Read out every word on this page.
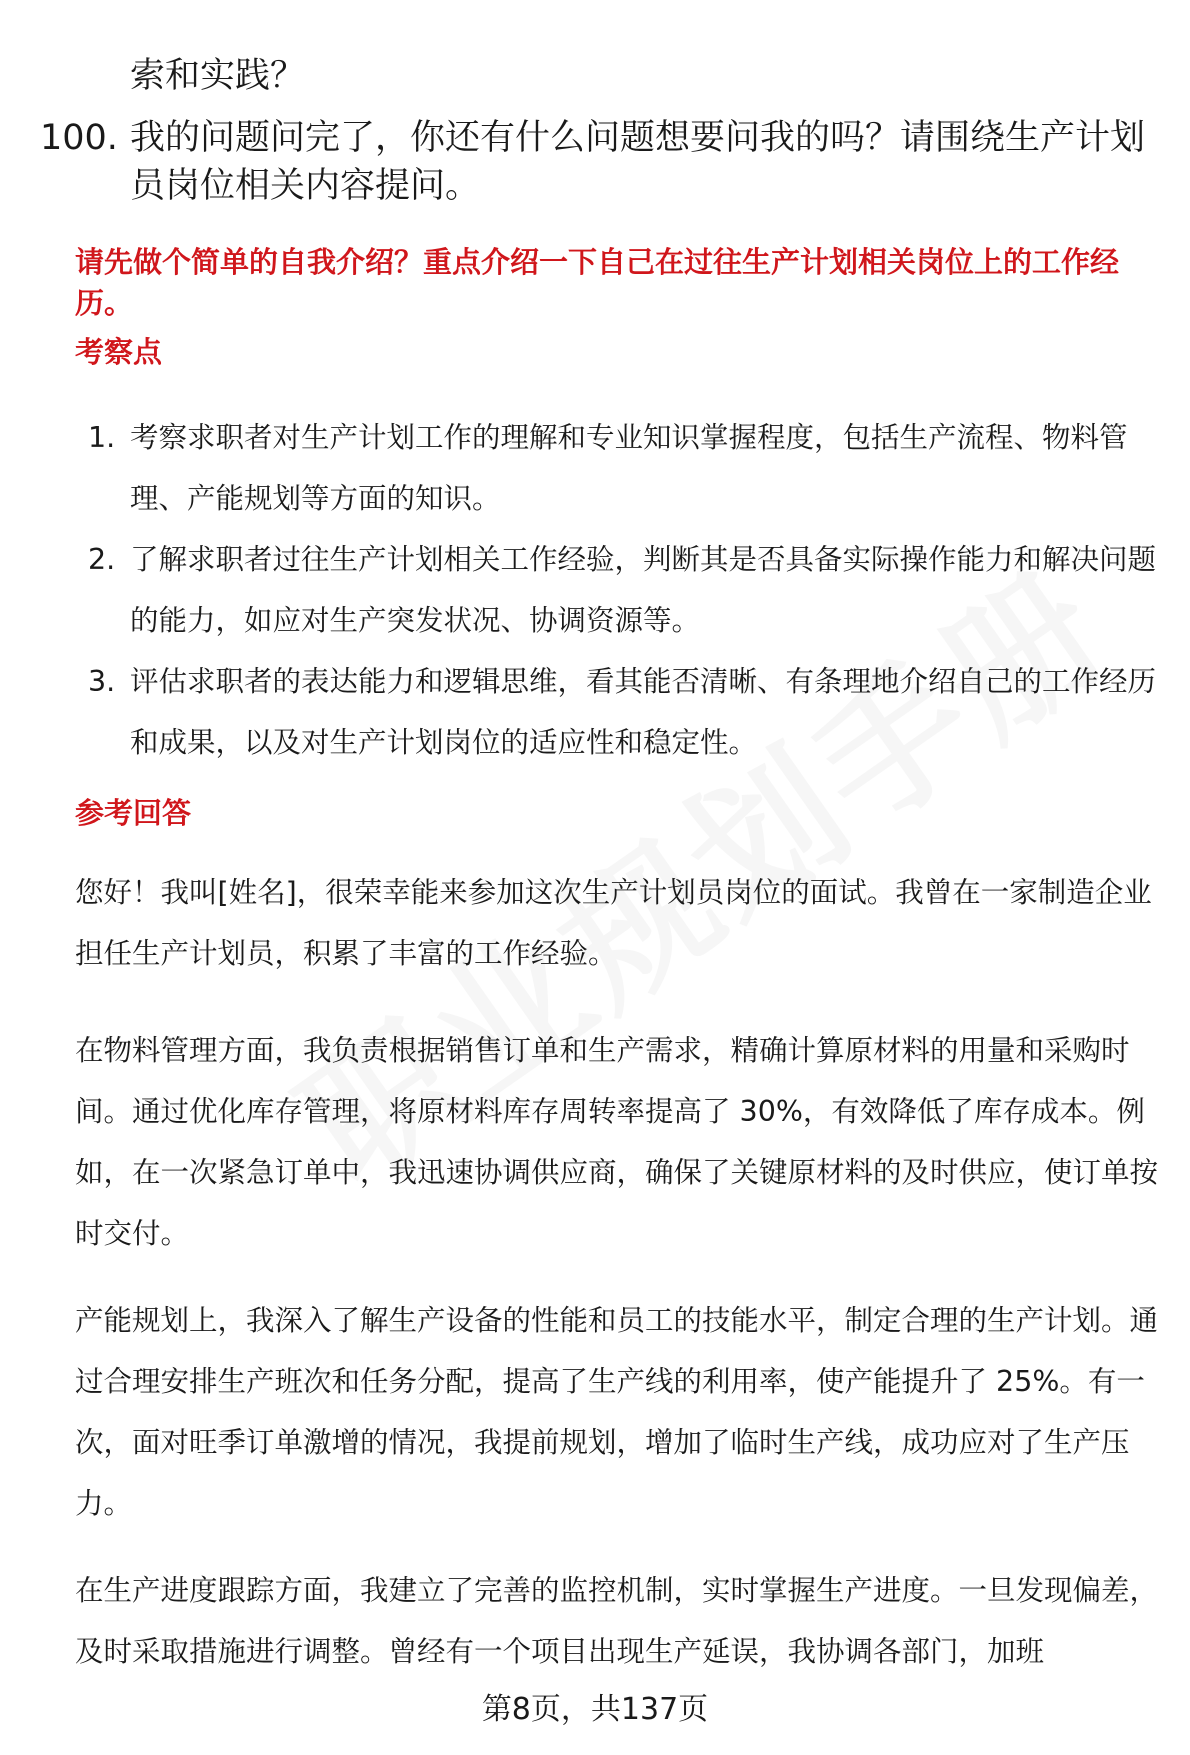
索和实践？
100. 我的问题问完了，你还有什么问题想要问我的吗？请围绕生产计划员岗位相关内容提问。
请先做个简单的自我介绍？重点介绍一下自己在过往生产计划相关岗位上的工作经历。
考察点
1. 考察求职者对生产计划工作的理解和专业知识掌握程度，包括生产流程、物料管理、产能规划等方面的知识。
2. 了解求职者过往生产计划相关工作经验，判断其是否具备实际操作能力和解决问题的能力，如应对生产突发状况、协调资源等。
3. 评估求职者的表达能力和逻辑思维，看其能否清晰、有条理地介绍自己的工作经历和成果，以及对生产计划岗位的适应性和稳定性。
参考回答

您好！我叫[姓名]，很荣幸能来参加这次生产计划员岗位的面试。我曾在一家制造企业担任生产计划员，积累了丰富的工作经验。

在物料管理方面，我负责根据销售订单和生产需求，精确计算原材料的用量和采购时间。通过优化库存管理，将原材料库存周转率提高了 30%，有效降低了库存成本。例如，在一次紧急订单中，我迅速协调供应商，确保了关键原材料的及时供应，使订单按时交付。

产能规划上，我深入了解生产设备的性能和员工的技能水平，制定合理的生产计划。通过合理安排生产班次和任务分配，提高了生产线的利用率，使产能提升了 25%。有一次，面对旺季订单激增的情况，我提前规划，增加了临时生产线，成功应对了生产压力。

在生产进度跟踪方面，我建立了完善的监控机制，实时掌握生产进度。一旦发现偏差，及时采取措施进行调整。曾经有一个项目出现生产延误，我协调各部门，加班

第8页，共137页
